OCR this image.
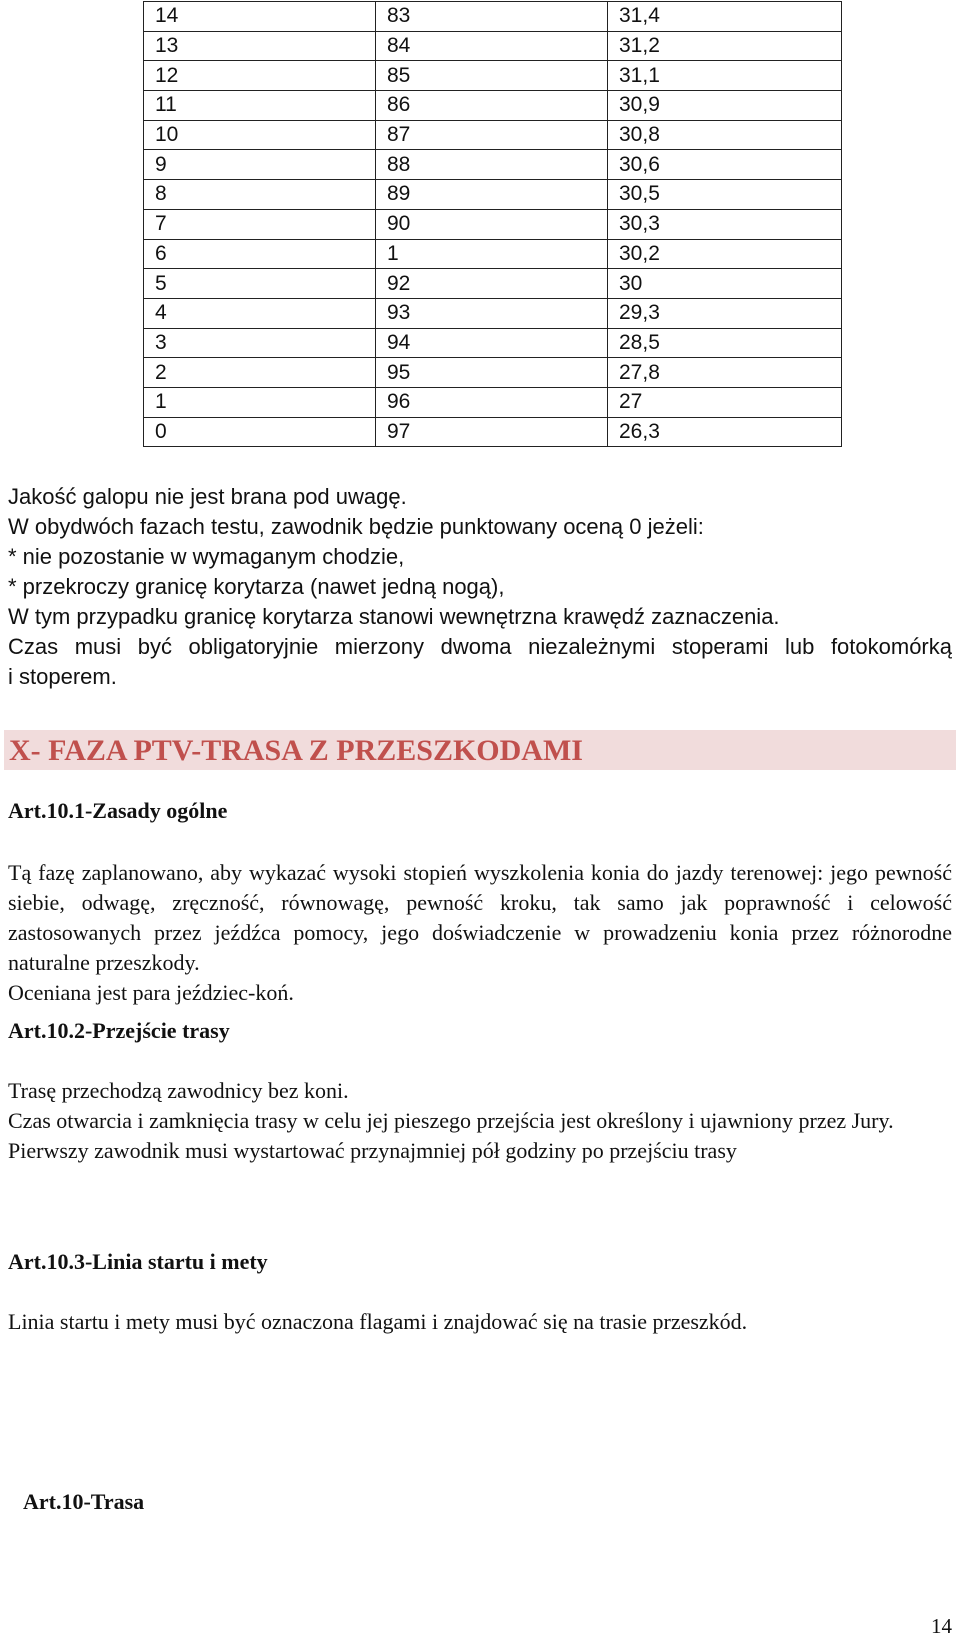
14	83	31,4
13	84	31,2
12	85	31,1
11	86	30,9
10	87	30,8
9	88	30,6
8	89	30,5
7	90	30,3
6	1	30,2
5	92	30
4	93	29,3
3	94	28,5
2	95	27,8
1	96	27
0	97	26,3

Jakość galopu nie jest brana pod uwagę.

W obydwóch fazach testu, zawodnik będzie punktowany oceną 0 jeżeli:

* nie pozostanie w wymaganym chodzie,

* przekroczy granicę korytarza (nawet jedną nogą),

W tym przypadku granicę korytarza stanowi wewnętrzna krawędź zaznaczenia.

Czas musi być obligatoryjnie mierzony dwoma niezależnymi stoperami lub fotokomórką

i stoperem.

X- FAZA PTV-TRASA Z PRZESZKODAMI
Art.10.1-Zasady ogólne

Tą fazę zaplanowano, aby wykazać wysoki stopień wyszkolenia konia do jazdy terenowej: jego pewność siebie, odwagę, zręczność, równowagę, pewność kroku, tak samo jak poprawność i celowość zastosowanych przez jeźdźca pomocy, jego doświadczenie w prowadzeniu konia przez różnorodne naturalne przeszkody.

Oceniana jest para jeździec-koń.

Art.10.2-Przejście trasy

Trasę przechodzą zawodnicy bez koni.

Czas otwarcia i zamknięcia trasy w celu jej pieszego przejścia jest określony i ujawniony przez Jury.

Pierwszy zawodnik musi wystartować przynajmniej pół godziny po przejściu trasy

Art.10.3-Linia startu i mety

Linia startu i mety musi być oznaczona flagami i znajdować się na trasie przeszkód.

Art.10-Trasa
14
